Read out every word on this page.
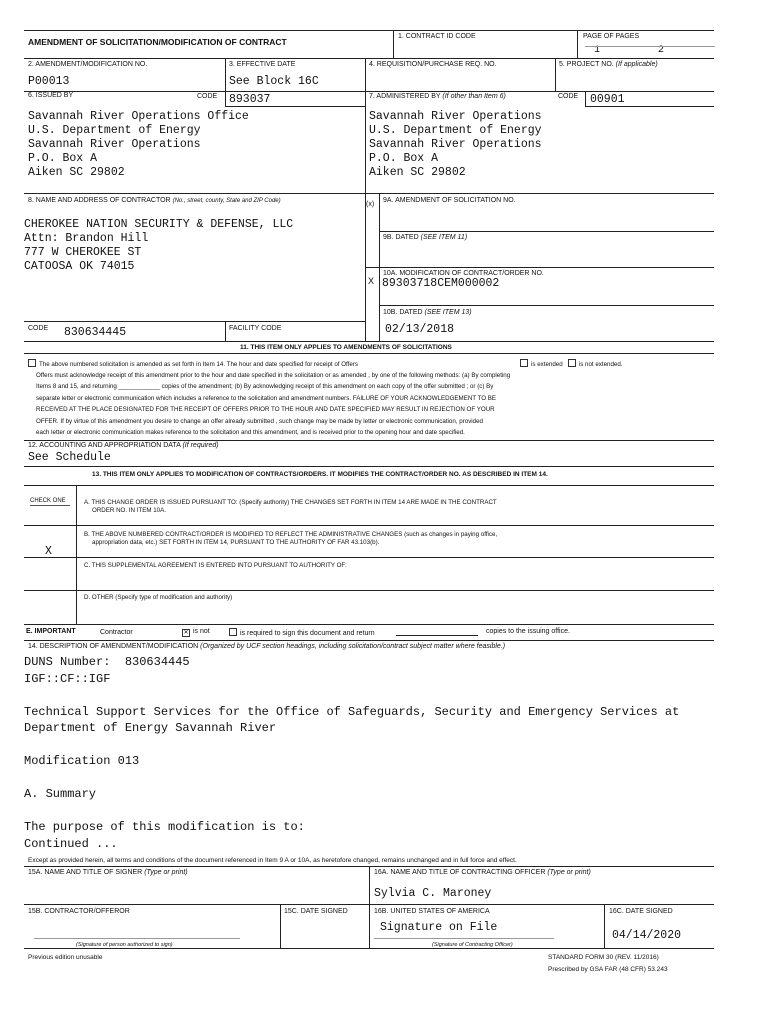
AMENDMENT OF SOLICITATION/MODIFICATION OF CONTRACT
1. CONTRACT ID CODE	PAGE OF PAGES
1	2
2. AMENDMENT/MODIFICATION NO.
P00013
3. EFFECTIVE DATE
See Block 16C
4. REQUISITION/PURCHASE REQ. NO.	5. PROJECT NO. (If applicable)
6. ISSUED BY	CODE 893037
Savannah River Operations Office
U.S. Department of Energy
Savannah River Operations
P.O. Box A
Aiken SC 29802
7. ADMINISTERED BY (If other than Item 6)	CODE 00901
Savannah River Operations
U.S. Department of Energy
Savannah River Operations
P.O. Box A
Aiken SC 29802
8. NAME AND ADDRESS OF CONTRACTOR (No., street, county, State and ZIP Code)
CHEROKEE NATION SECURITY & DEFENSE, LLC
Attn: Brandon Hill
777 W CHEROKEE ST
CATOOSA OK 74015
(x)
9A. AMENDMENT OF SOLICITATION NO.
9B. DATED (SEE ITEM 11)
X
10A. MODIFICATION OF CONTRACT/ORDER NO.
89303718CEM000002
10B. DATED (SEE ITEM 13)
02/13/2018
CODE 830634445	FACILITY CODE
11. THIS ITEM ONLY APPLIES TO AMENDMENTS OF SOLICITATIONS
The above numbered solicitation is amended as set forth in Item 14. The hour and date specified for receipt of Offers	is extended	is not extended.
Offers must acknowledge receipt of this amendment prior to the hour and date specified in the solicitation or as amended , by one of the following methods: (a) By completing
Items 8 and 15, and returning ____________ copies of the amendment; (b) By acknowledging receipt of this amendment on each copy of the offer submitted ; or (c) By
separate letter or electronic communication which includes a reference to the solicitation and amendment numbers. FAILURE OF YOUR ACKNOWLEDGEMENT TO BE
RECEIVED AT THE PLACE DESIGNATED FOR THE RECEIPT OF OFFERS PRIOR TO THE HOUR AND DATE SPECIFIED MAY RESULT IN REJECTION OF YOUR
OFFER. If by virtue of this amendment you desire to change an offer already submitted , such change may be made by letter or electronic communication, provided
each letter or electronic communication makes reference to the solicitation and this amendment, and is received prior to the opening hour and date specified.
12. ACCOUNTING AND APPROPRIATION DATA (If required)
See Schedule
13. THIS ITEM ONLY APPLIES TO MODIFICATION OF CONTRACTS/ORDERS. IT MODIFIES THE CONTRACT/ORDER NO. AS DESCRIBED IN ITEM 14.
CHECK ONE	A. THIS CHANGE ORDER IS ISSUED PURSUANT TO: (Specify authority) THE CHANGES SET FORTH IN ITEM 14 ARE MADE IN THE CONTRACT
ORDER NO. IN ITEM 10A.
B. THE ABOVE NUMBERED CONTRACT/ORDER IS MODIFIED TO REFLECT THE ADMINISTRATIVE CHANGES (such as changes in paying office,
appropriation data, etc.) SET FORTH IN ITEM 14, PURSUANT TO THE AUTHORITY OF FAR 43.103(b).
X
C. THIS SUPPLEMENTAL AGREEMENT IS ENTERED INTO PURSUANT TO AUTHORITY OF:
D. OTHER (Specify type of modification and authority)
E. IMPORTANT	Contractor	✕ is not	is required to sign this document and return	copies to the issuing office.
14. DESCRIPTION OF AMENDMENT/MODIFICATION (Organized by UCF section headings, including solicitation/contract subject matter where feasible.)
DUNS Number:  830634445
IGF::CF::IGF
Technical Support Services for the Office of Safeguards, Security and Emergency Services at
Department of Energy Savannah River
Modification 013
A. Summary
The purpose of this modification is to:
Continued ...
Except as provided herein, all terms and conditions of the document referenced in Item 9 A or 10A, as heretofore changed, remains unchanged and in full force and effect.
15A. NAME AND TITLE OF SIGNER (Type or print)	16A. NAME AND TITLE OF CONTRACTING OFFICER (Type or print)
Sylvia C. Maroney
15B. CONTRACTOR/OFFEROR
(Signature of person authorized to sign)
15C. DATE SIGNED	16B. UNITED STATES OF AMERICA
Signature on File
(Signature of Contracting Officer)
16C. DATE SIGNED
04/14/2020
Previous edition unusable	STANDARD FORM 30 (REV. 11/2016)
Prescribed by GSA FAR (48 CFR) 53.243
